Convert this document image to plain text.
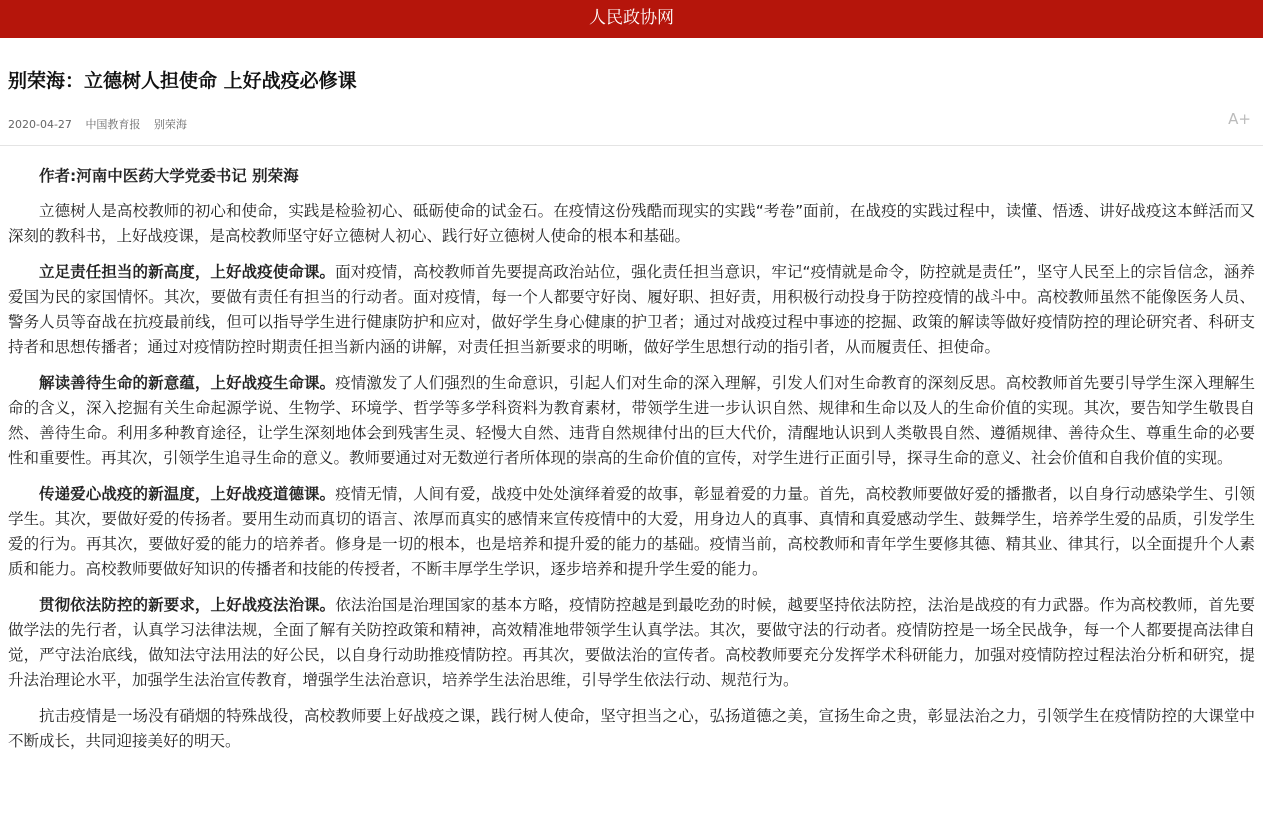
人民政协网
别荣海：立德树人担使命 上好战疫必修课
2020-04-27 中国教育报 别荣海	A+

作者:河南中医药大学党委书记 别荣海

立德树人是高校教师的初心和使命，实践是检验初心、砥砺使命的试金石。在疫情这份残酷而现实的实践“考卷”面前，在战疫的实践过程中，读懂、悟透、讲好战疫这本鲜活而又深刻的教科书，上好战疫课，是高校教师坚守好立德树人初心、践行好立德树人使命的根本和基础。

立足责任担当的新高度，上好战疫使命课。面对疫情，高校教师首先要提高政治站位，强化责任担当意识，牢记“疫情就是命令，防控就是责任”，坚守人民至上的宗旨信念，涵养爱国为民的家国情怀。其次，要做有责任有担当的行动者。面对疫情，每一个人都要守好岗、履好职、担好责，用积极行动投身于防控疫情的战斗中。高校教师虽然不能像医务人员、警务人员等奋战在抗疫最前线，但可以指导学生进行健康防护和应对，做好学生身心健康的护卫者；通过对战疫过程中事迹的挖掘、政策的解读等做好疫情防控的理论研究者、科研支持者和思想传播者；通过对疫情防控时期责任担当新内涵的讲解，对责任担当新要求的明晰，做好学生思想行动的指引者，从而履责任、担使命。

解读善待生命的新意蕴，上好战疫生命课。疫情激发了人们强烈的生命意识，引起人们对生命的深入理解，引发人们对生命教育的深刻反思。高校教师首先要引导学生深入理解生命的含义，深入挖掘有关生命起源学说、生物学、环境学、哲学等多学科资料为教育素材，带领学生进一步认识自然、规律和生命以及人的生命价值的实现。其次，要告知学生敬畏自然、善待生命。利用多种教育途径，让学生深刻地体会到残害生灵、轻慢大自然、违背自然规律付出的巨大代价，清醒地认识到人类敬畏自然、遵循规律、善待众生、尊重生命的必要性和重要性。再其次，引领学生追寻生命的意义。教师要通过对无数逆行者所体现的崇高的生命价值的宣传，对学生进行正面引导，探寻生命的意义、社会价值和自我价值的实现。

传递爱心战疫的新温度，上好战疫道德课。疫情无情，人间有爱，战疫中处处演绎着爱的故事，彰显着爱的力量。首先，高校教师要做好爱的播撒者，以自身行动感染学生、引领学生。其次，要做好爱的传扬者。要用生动而真切的语言、浓厚而真实的感情来宣传疫情中的大爱，用身边人的真事、真情和真爱感动学生、鼓舞学生，培养学生爱的品质，引发学生爱的行为。再其次，要做好爱的能力的培养者。修身是一切的根本，也是培养和提升爱的能力的基础。疫情当前，高校教师和青年学生要修其德、精其业、律其行，以全面提升个人素质和能力。高校教师要做好知识的传播者和技能的传授者，不断丰厚学生学识，逐步培养和提升学生爱的能力。

贯彻依法防控的新要求，上好战疫法治课。依法治国是治理国家的基本方略，疫情防控越是到最吃劲的时候，越要坚持依法防控，法治是战疫的有力武器。作为高校教师，首先要做学法的先行者，认真学习法律法规，全面了解有关防控政策和精神，高效精准地带领学生认真学法。其次，要做守法的行动者。疫情防控是一场全民战争，每一个人都要提高法律自觉，严守法治底线，做知法守法用法的好公民，以自身行动助推疫情防控。再其次，要做法治的宣传者。高校教师要充分发挥学术科研能力，加强对疫情防控过程法治分析和研究，提升法治理论水平，加强学生法治宣传教育，增强学生法治意识，培养学生法治思维，引导学生依法行动、规范行为。

抗击疫情是一场没有硝烟的特殊战役，高校教师要上好战疫之课，践行树人使命，坚守担当之心，弘扬道德之美，宣扬生命之贵，彰显法治之力，引领学生在疫情防控的大课堂中不断成长，共同迎接美好的明天。
